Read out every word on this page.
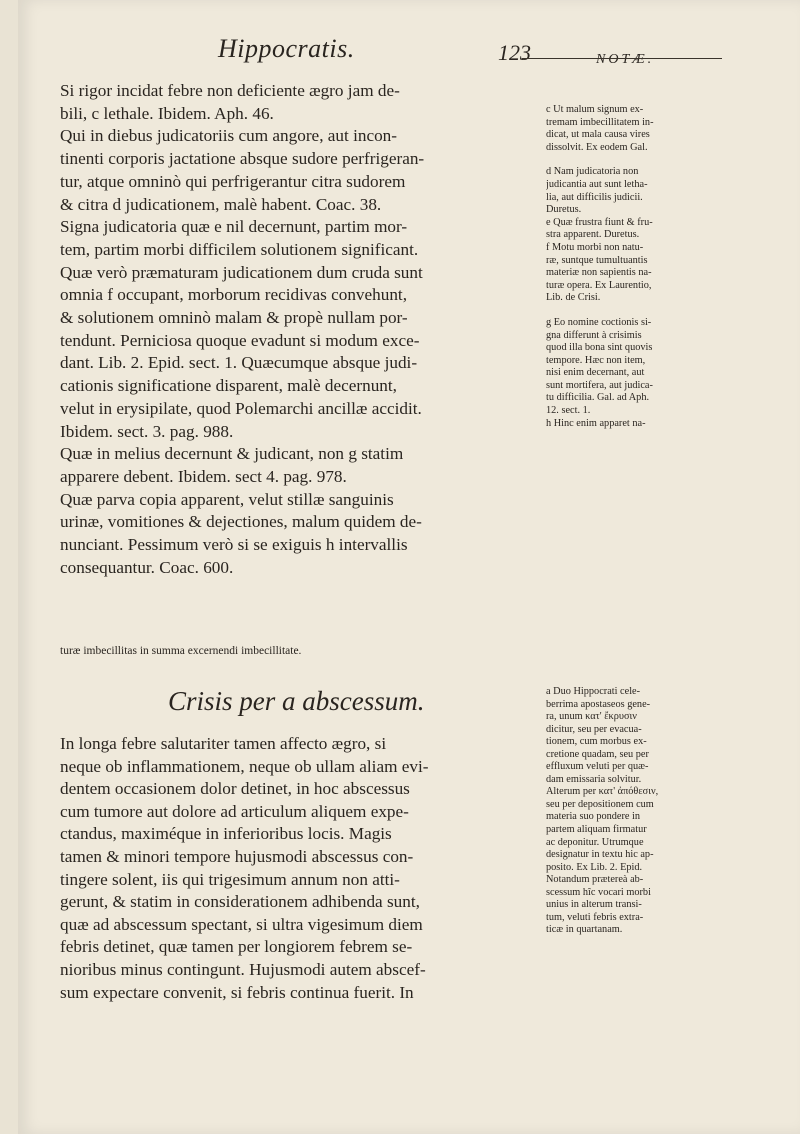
Hippocratis.	123	NOTÆ.
Si rigor incidat febre non deficiente ægro jam de-
bili, c lethale. Ibidem. Aph. 46.
Qui in diebus judicatoriis cum angore, aut incon-
tinenti corporis jactatione absque sudore perfrigeran-
tur, atque omninò qui perfrigerantur citra sudorem
& citra d judicationem, malè habent. Coac. 38.
Signa judicatoria quæ e nil decernunt, partim mor-
tem, partim morbi difficilem solutionem significant.
Quæ verò præmaturam judicationem dum cruda sunt
omnia f occupant, morborum recidivas convehunt,
& solutionem omninò malam & propè nullam por-
tendunt. Perniciosa quoque evadunt si modum exce-
dant. Lib. 2. Epid. sect. 1. Quæcumque absque judi-
cationis significatione disparent, malè decernunt,
velut in erysipilate, quod Polemarchi ancillæ accidit.
Ibidem. sect. 3. pag. 988.
Quæ in melius decernunt & judicant, non g statim
apparere debent. Ibidem. sect 4. pag. 978.
Quæ parva copia apparent, velut stillæ sanguinis
urinæ, vomitiones & dejectiones, malum quidem de-
nunciant. Pessimum verò si se exiguis h intervallis
consequantur. Coac. 600.
c Ut malum signum ex-
tremam imbecillitatem in-
dicat, ut mala causa vires
dissolvit. Ex eodem Gal.
d Nam judicatoria non
judicantia aut sunt letha-
lia, aut difficilis judicii.
Duretus.
e Quæ frustra fiunt & fru-
stra apparent. Duretus.
f Motu morbi non natu-
ræ, suntque tumultuantis
materiæ non sapientis na-
turæ opera. Ex Laurentio,
Lib. de Crisi.
g Eo nomine coctionis si-
gna differunt à crisimis
quod illa bona sint quovis
tempore. Hæc non item,
nisi enim decernant, aut
sunt mortifera, aut judica-
tu difficilia. Gal. ad Aph.
12. sect. 1.
h Hinc enim apparet na-
turæ imbecillitas in summa excernendi imbecillitate.
Crisis per a abscessum.
In longa febre salutariter tamen affecto ægro, si
neque ob inflammationem, neque ob ullam aliam evi-
dentem occasionem dolor detinet, in hoc abscessus
cum tumore aut dolore ad articulum aliquem expe-
ctandus, maximéque in inferioribus locis. Magis
tamen & minori tempore hujusmodi abscessus con-
tingere solent, iis qui trigesimum annum non atti-
gerunt, & statim in considerationem adhibenda sunt,
quæ ad abscessum spectant, si ultra vigesimum diem
febris detinet, quæ tamen per longiorem febrem se-
nioribus minus contingunt. Hujusmodi autem abscef-
sum expectare convenit, si febris continua fuerit. In
a Duo Hippocrati cele-
berrima apostaseos gene-
ra, unum κατ' ἔκρυσιν
dicitur, seu per evacua-
tionem, cum morbus ex-
cretione quadam, seu per
effluxum veluti per quæ-
dam emissaria solvitur.
Alterum per κατ' ἀπόθεσιν,
seu per depositionem cum
materia suo pondere in
partem aliquam firmatur
ac deponitur. Utrumque
designatur in textu hic ap-
posito. Ex Lib. 2. Epid.
Notandum prætereà ab-
scessum hîc vocari morbi
unius in alterum transi-
tum, veluti febris extra-
ticæ in quartanam.
